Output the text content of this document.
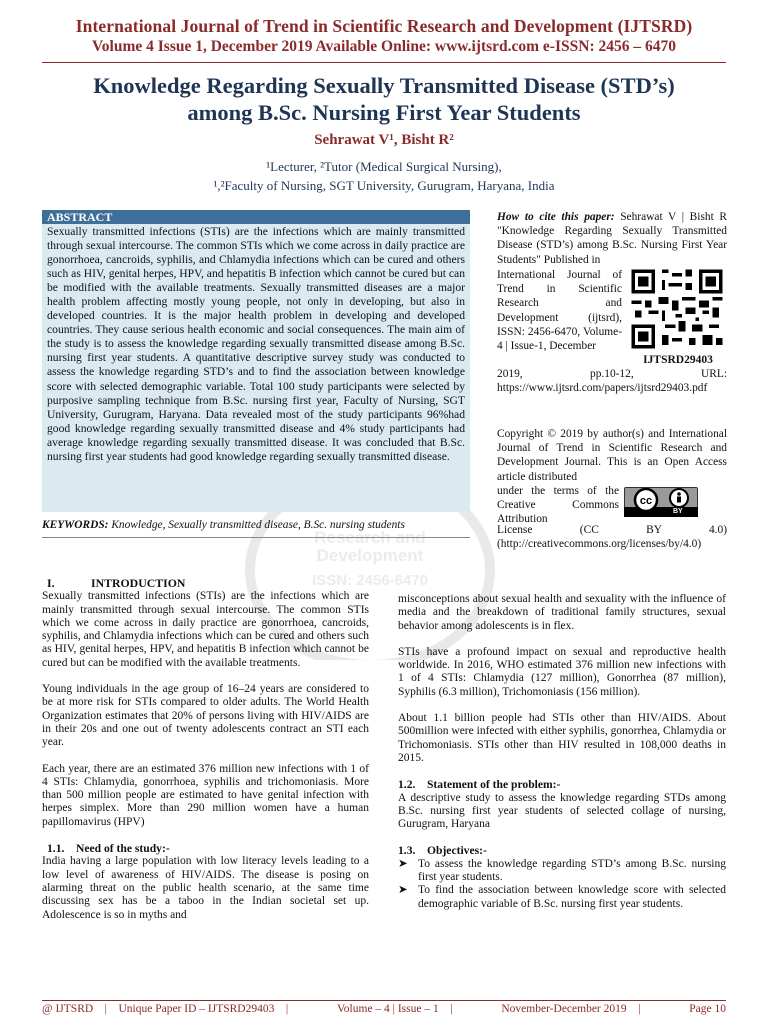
International Journal of Trend in Scientific Research and Development (IJTSRD)
Volume 4 Issue 1, December 2019 Available Online: www.ijtsrd.com e-ISSN: 2456 – 6470
Knowledge Regarding Sexually Transmitted Disease (STD’s)
among B.Sc. Nursing First Year Students
Sehrawat V¹, Bisht R²
¹Lecturer, ²Tutor (Medical Surgical Nursing),
¹,²Faculty of Nursing, SGT University, Gurugram, Haryana, India
Research and
Development
ISSN: 2456-6470
ABSTRACT
Sexually transmitted infections (STIs) are the infections which are mainly transmitted through sexual intercourse. The common STIs which we come across in daily practice are gonorrhoea, cancroids, syphilis, and Chlamydia infections which can be cured and others such as HIV, genital herpes, HPV, and hepatitis B infection which cannot be cured but can be modified with the available treatments. Sexually transmitted diseases are a major health problem affecting mostly young people, not only in developing, but also in developed countries. It is the major health problem in developing and developed countries. They cause serious health economic and social consequences. The main aim of the study is to assess the knowledge regarding sexually transmitted disease among B.Sc. nursing first year students. A quantitative descriptive survey study was conducted to assess the knowledge regarding STD’s and to find the association between knowledge score with selected demographic variable. Total 100 study participants were selected by purposive sampling technique from B.Sc. nursing first year, Faculty of Nursing, SGT University, Gurugram, Haryana. Data revealed most of the study participants 96%had good knowledge regarding sexually transmitted disease and 4% study participants had average knowledge regarding sexually transmitted disease. It was concluded that B.Sc. nursing first year students had good knowledge regarding sexually transmitted disease.
KEYWORDS: Knowledge, Sexually transmitted disease, B.Sc. nursing students
How to cite this paper: Sehrawat V | Bisht R "Knowledge Regarding Sexually Transmitted Disease (STD’s) among B.Sc. Nursing First Year Students" Published in
International Journal of Trend in Scientific Research and Development (ijtsrd), ISSN: 2456-6470, Volume-4 | Issue-1, December
IJTSRD29403
2019, pp.10-12, URL: https://www.ijtsrd.com/papers/ijtsrd29403.pdf
Copyright © 2019 by author(s) and International Journal of Trend in Scientific Research and Development Journal. This is an Open Access article distributed
under the terms of the Creative Commons Attribution
cc
BY
License (CC BY 4.0) (http://creativecommons.org/licenses/by/4.0)
I.	INTRODUCTION

Sexually transmitted infections (STIs) are the infections which are mainly transmitted through sexual intercourse. The common STIs which we come across in daily practice are gonorrhoea, cancroids, syphilis, and Chlamydia infections which can be cured and others such as HIV, genital herpes, HPV, and hepatitis B infection which cannot be cured but can be modified with the available treatments.

Young individuals in the age group of 16–24 years are considered to be at more risk for STIs compared to older adults. The World Health Organization estimates that 20% of persons living with HIV/AIDS are in their 20s and one out of twenty adolescents contract an STI each year.

Each year, there are an estimated 376 million new infections with 1 of 4 STIs: Chlamydia, gonorrhoea, syphilis and trichomoniasis. More than 500 million people are estimated to have genital infection with herpes simplex. More than 290 million women have a human papillomavirus (HPV)

1.1.    Need of the study:-

India having a large population with low literacy levels leading to a low level of awareness of HIV/AIDS. The disease is posing on alarming threat on the public health scenario, at the same time discussing sex has be a taboo in the Indian societal set up. Adolescence is so in myths and

misconceptions about sexual health and sexuality with the influence of media and the breakdown of traditional family structures, sexual behavior among adolescents is in flex.

STIs have a profound impact on sexual and reproductive health worldwide. In 2016, WHO estimated 376 million new infections with 1 of 4 STIs: Chlamydia (127 million), Gonorrhea (87 million), Syphilis (6.3 million), Trichomoniasis (156 million).

About 1.1 billion people had STIs other than HIV/AIDS. About 500million were infected with either syphilis, gonorrhea, Chlamydia or Trichomoniasis. STIs other than HIV resulted in 108,000 deaths in 2015.

1.2.    Statement of the problem:-

A descriptive study to assess the knowledge regarding STDs among B.Sc. nursing first year students of selected collage of nursing, Gurugram, Haryana

1.3.    Objectives:-
➤ To assess the knowledge regarding STD’s among B.Sc. nursing first year students.
➤ To find the association between knowledge score with selected demographic variable of B.Sc. nursing first year students.
@ IJTSRD    |    Unique Paper ID – IJTSRD29403    |	Volume – 4 | Issue – 1    |	November-December 2019    |	Page 10
